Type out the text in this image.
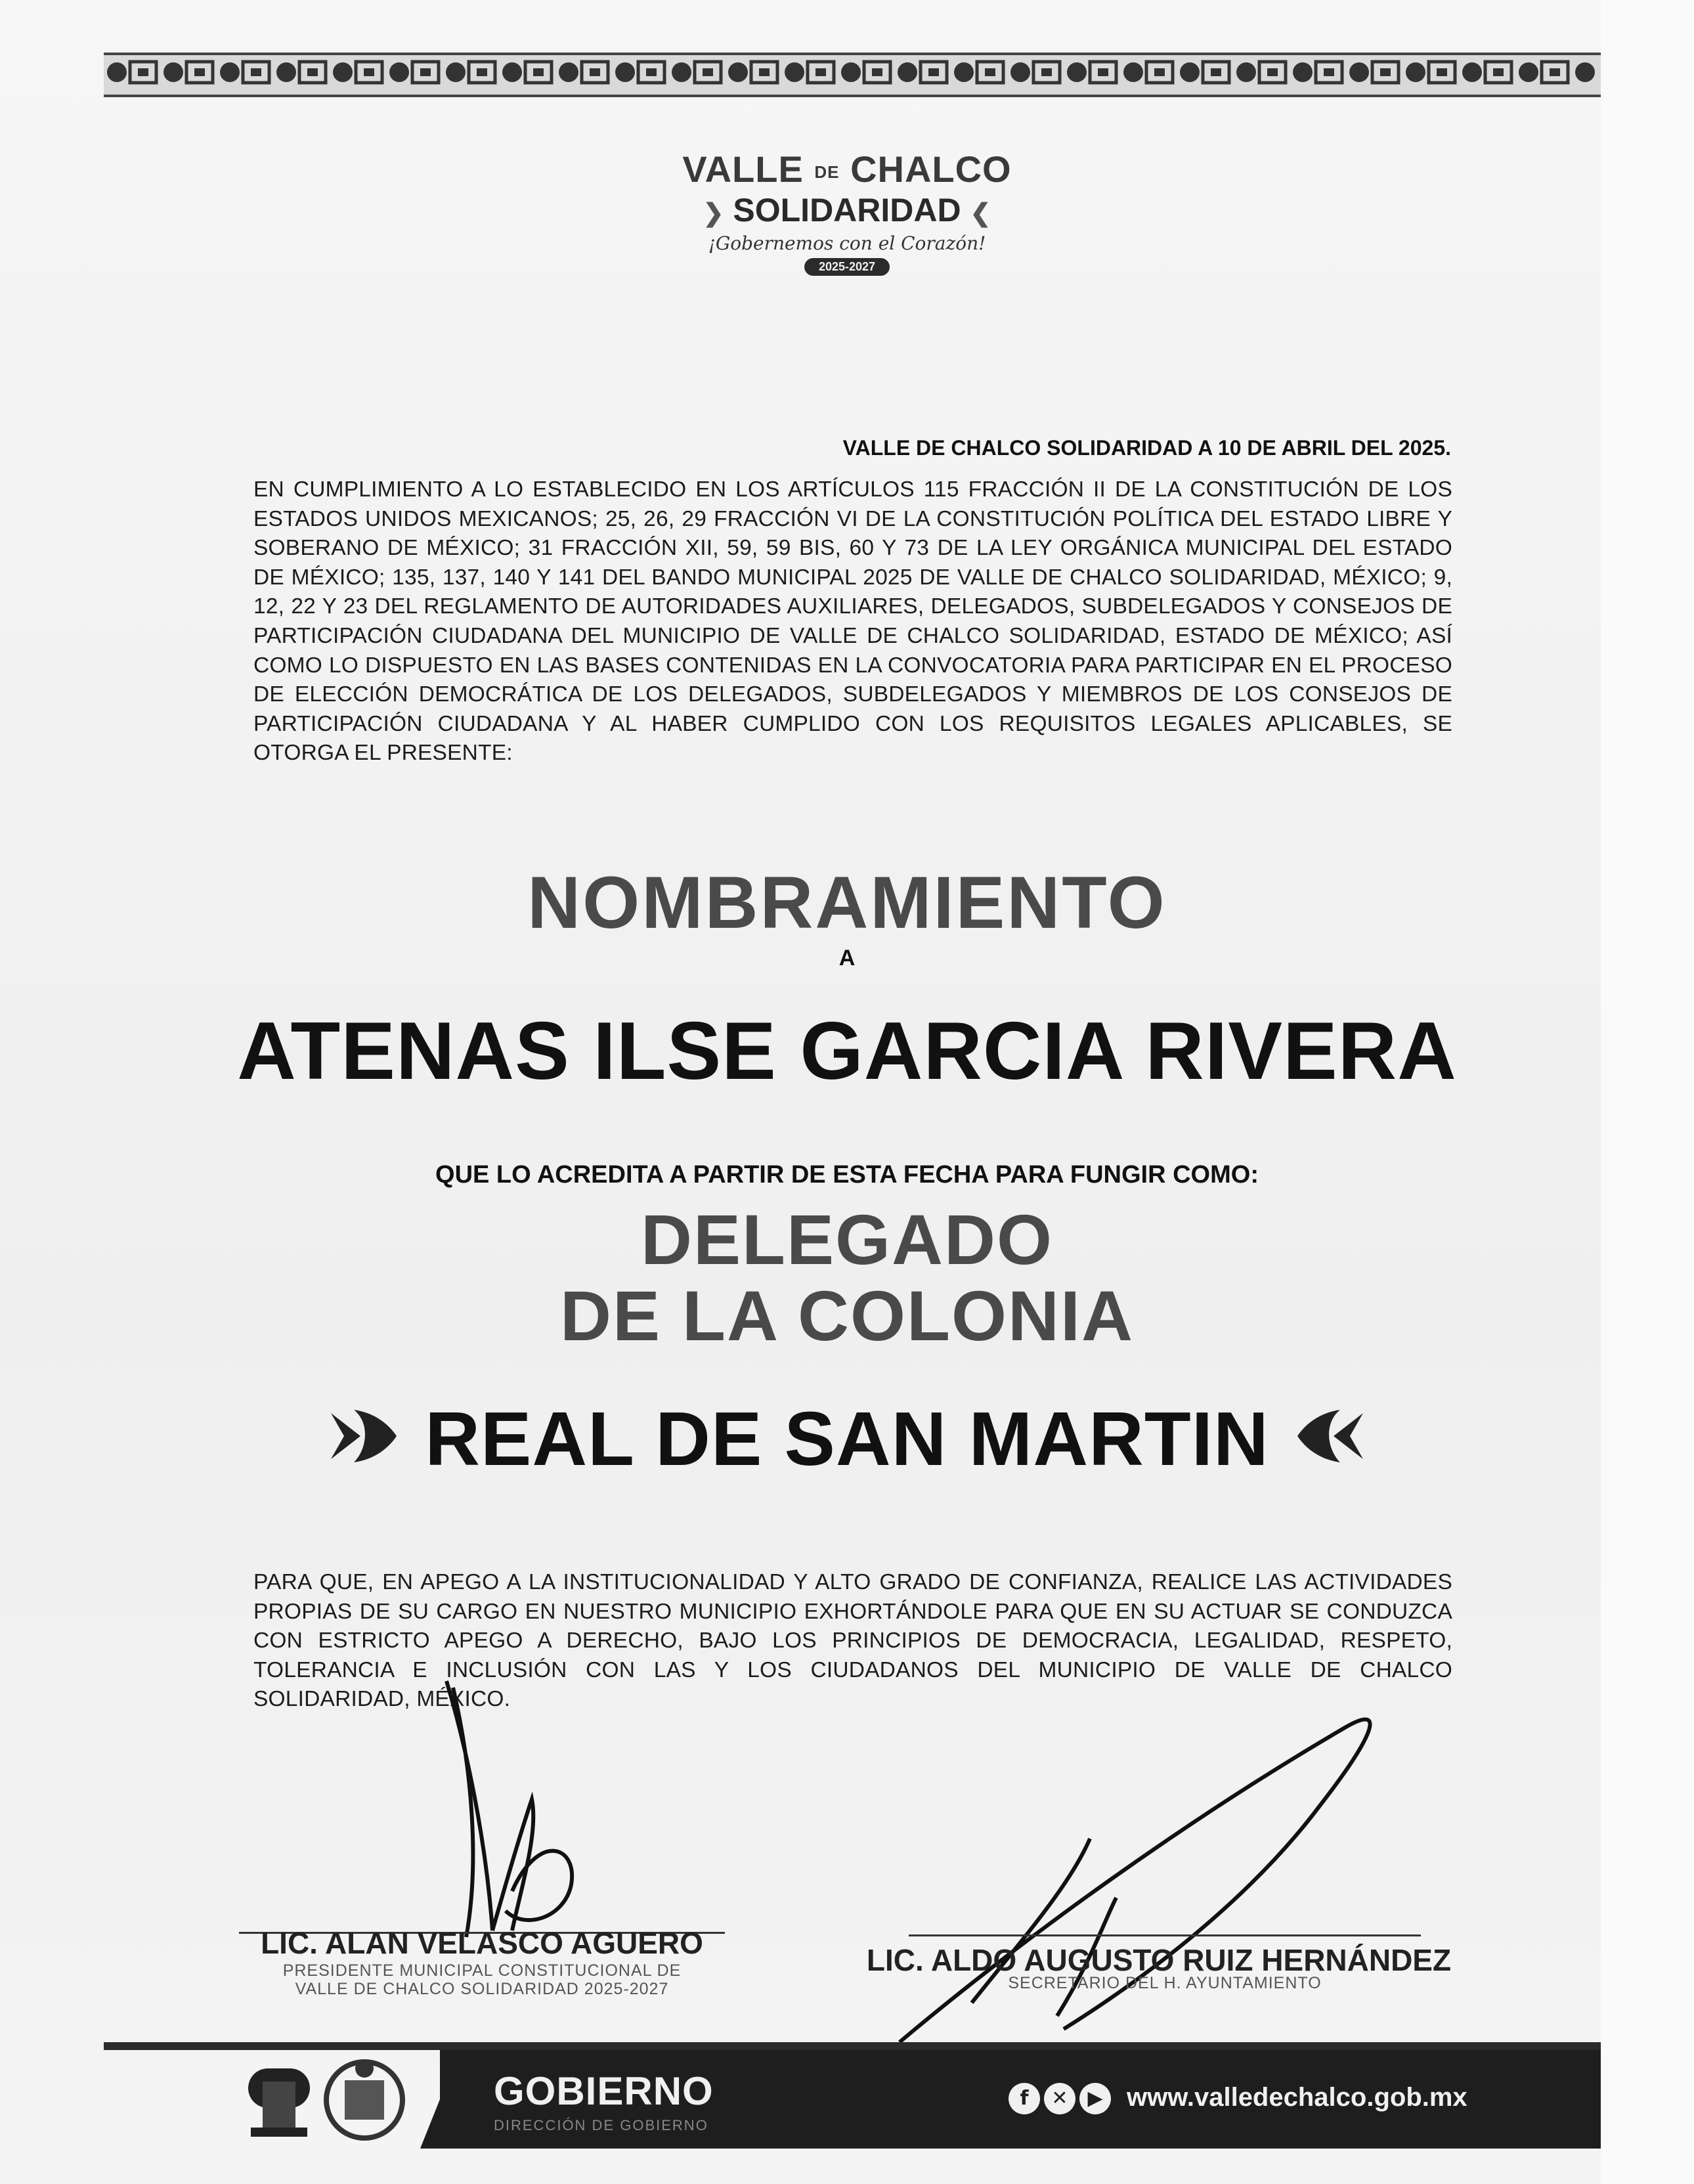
VALLE DE CHALCO
❯ SOLIDARIDAD ❮
¡Gobernemos con el Corazón!
2025-2027
VALLE DE CHALCO SOLIDARIDAD A 10 DE ABRIL DEL 2025.
EN CUMPLIMIENTO A LO ESTABLECIDO EN LOS ARTÍCULOS 115 FRACCIÓN II DE LA CONSTITUCIÓN DE LOS ESTADOS UNIDOS MEXICANOS; 25, 26, 29 FRACCIÓN VI DE LA CONSTITUCIÓN POLÍTICA DEL ESTADO LIBRE Y SOBERANO DE MÉXICO; 31 FRACCIÓN XII, 59, 59 BIS, 60 Y 73 DE LA LEY ORGÁNICA MUNICIPAL DEL ESTADO DE MÉXICO; 135, 137, 140 Y 141 DEL BANDO MUNICIPAL 2025 DE VALLE DE CHALCO SOLIDARIDAD, MÉXICO; 9, 12, 22 Y 23 DEL REGLAMENTO DE AUTORIDADES AUXILIARES, DELEGADOS, SUBDELEGADOS Y CONSEJOS DE PARTICIPACIÓN CIUDADANA DEL MUNICIPIO DE VALLE DE CHALCO SOLIDARIDAD, ESTADO DE MÉXICO; ASÍ COMO LO DISPUESTO EN LAS BASES CONTENIDAS EN LA CONVOCATORIA PARA PARTICIPAR EN EL PROCESO DE ELECCIÓN DEMOCRÁTICA DE LOS DELEGADOS, SUBDELEGADOS Y MIEMBROS DE LOS CONSEJOS DE PARTICIPACIÓN CIUDADANA Y AL HABER CUMPLIDO CON LOS REQUISITOS LEGALES APLICABLES, SE OTORGA EL PRESENTE:
NOMBRAMIENTO
A
ATENAS ILSE GARCIA RIVERA
QUE LO ACREDITA A PARTIR DE ESTA FECHA PARA FUNGIR COMO:
DELEGADO
DE LA COLONIA
REAL DE SAN MARTIN
PARA QUE, EN APEGO A LA INSTITUCIONALIDAD Y ALTO GRADO DE CONFIANZA, REALICE LAS ACTIVIDADES PROPIAS DE SU CARGO EN NUESTRO MUNICIPIO EXHORTÁNDOLE PARA QUE EN SU ACTUAR SE CONDUZCA CON ESTRICTO APEGO A DERECHO, BAJO LOS PRINCIPIOS DE DEMOCRACIA, LEGALIDAD, RESPETO, TOLERANCIA E INCLUSIÓN CON LAS Y LOS CIUDADANOS DEL MUNICIPIO DE VALLE DE CHALCO SOLIDARIDAD, MÉXICO.
LIC. ALAN VELASCO AGUERO
PRESIDENTE MUNICIPAL CONSTITUCIONAL DE
VALLE DE CHALCO SOLIDARIDAD 2025-2027
LIC. ALDO AUGUSTO RUIZ HERNÁNDEZ
SECRETARIO DEL H. AYUNTAMIENTO
GOBIERNO
DIRECCIÓN DE GOBIERNO
f	✕ ▶ www.valledechalco.gob.mx
